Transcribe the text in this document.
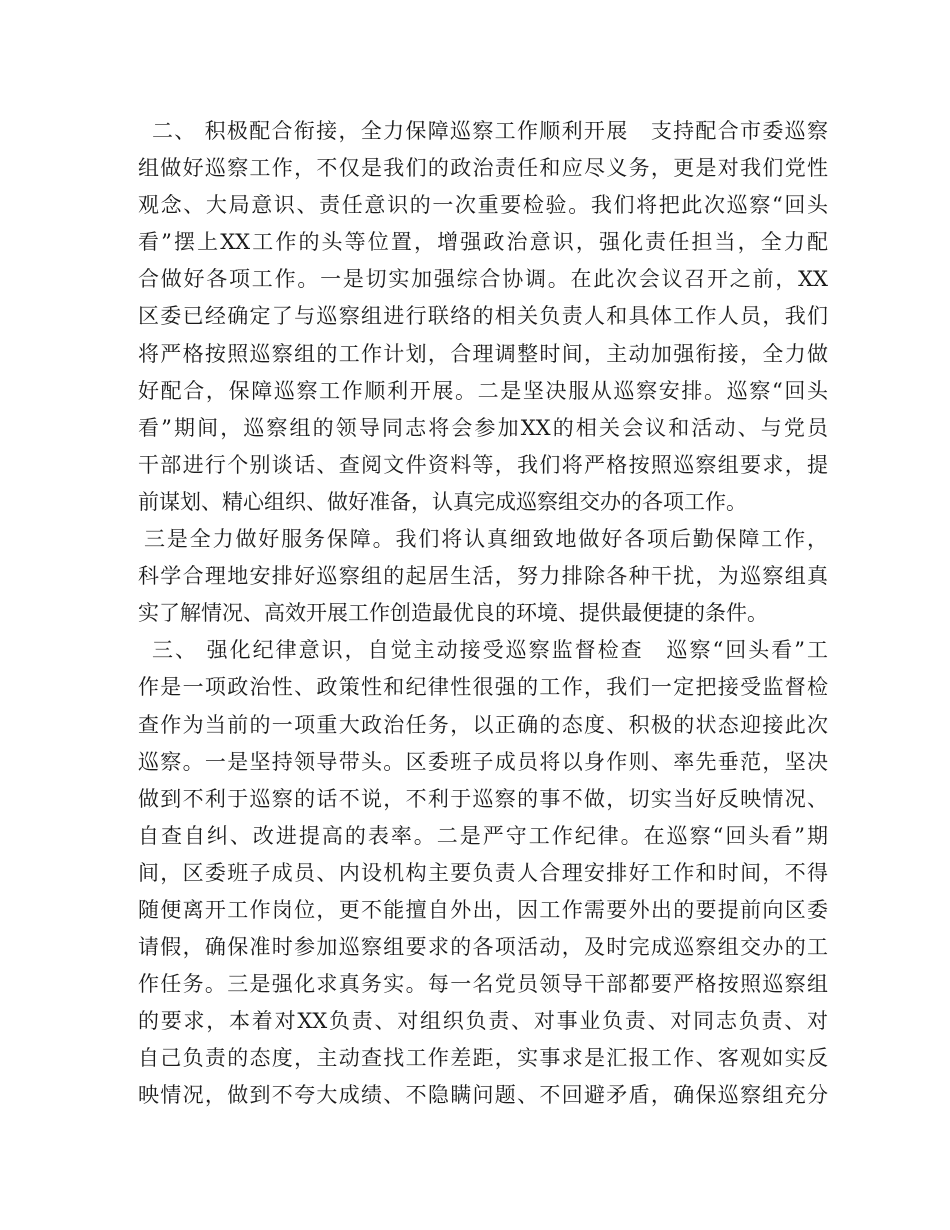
二、 积极配合衔接，全力保障巡察工作顺利开展　支持配合市委巡察
组做好巡察工作，不仅是我们的政治责任和应尽义务，更是对我们党性
观念、大局意识、责任意识的一次重要检验。我们将把此次巡察“回头
看”摆上XX工作的头等位置，增强政治意识，强化责任担当，全力配
合做好各项工作。一是切实加强综合协调。在此次会议召开之前，XX
区委已经确定了与巡察组进行联络的相关负责人和具体工作人员，我们
将严格按照巡察组的工作计划，合理调整时间，主动加强衔接，全力做
好配合，保障巡察工作顺利开展。二是坚决服从巡察安排。巡察“回头
看”期间，巡察组的领导同志将会参加XX的相关会议和活动、与党员
干部进行个别谈话、查阅文件资料等，我们将严格按照巡察组要求，提
前谋划、精心组织、做好准备，认真完成巡察组交办的各项工作。
三是全力做好服务保障。我们将认真细致地做好各项后勤保障工作，
科学合理地安排好巡察组的起居生活，努力排除各种干扰，为巡察组真
实了解情况、高效开展工作创造最优良的环境、提供最便捷的条件。
三、 强化纪律意识，自觉主动接受巡察监督检查　巡察“回头看”工
作是一项政治性、政策性和纪律性很强的工作，我们一定把接受监督检
查作为当前的一项重大政治任务，以正确的态度、积极的状态迎接此次
巡察。一是坚持领导带头。区委班子成员将以身作则、率先垂范，坚决
做到不利于巡察的话不说，不利于巡察的事不做，切实当好反映情况、
自查自纠、改进提高的表率。二是严守工作纪律。在巡察“回头看”期
间，区委班子成员、内设机构主要负责人合理安排好工作和时间，不得
随便离开工作岗位，更不能擅自外出，因工作需要外出的要提前向区委
请假，确保准时参加巡察组要求的各项活动，及时完成巡察组交办的工
作任务。三是强化求真务实。每一名党员领导干部都要严格按照巡察组
的要求，本着对XX负责、对组织负责、对事业负责、对同志负责、对
自己负责的态度，主动查找工作差距，实事求是汇报工作、客观如实反
映情况，做到不夸大成绩、不隐瞒问题、不回避矛盾，确保巡察组充分
